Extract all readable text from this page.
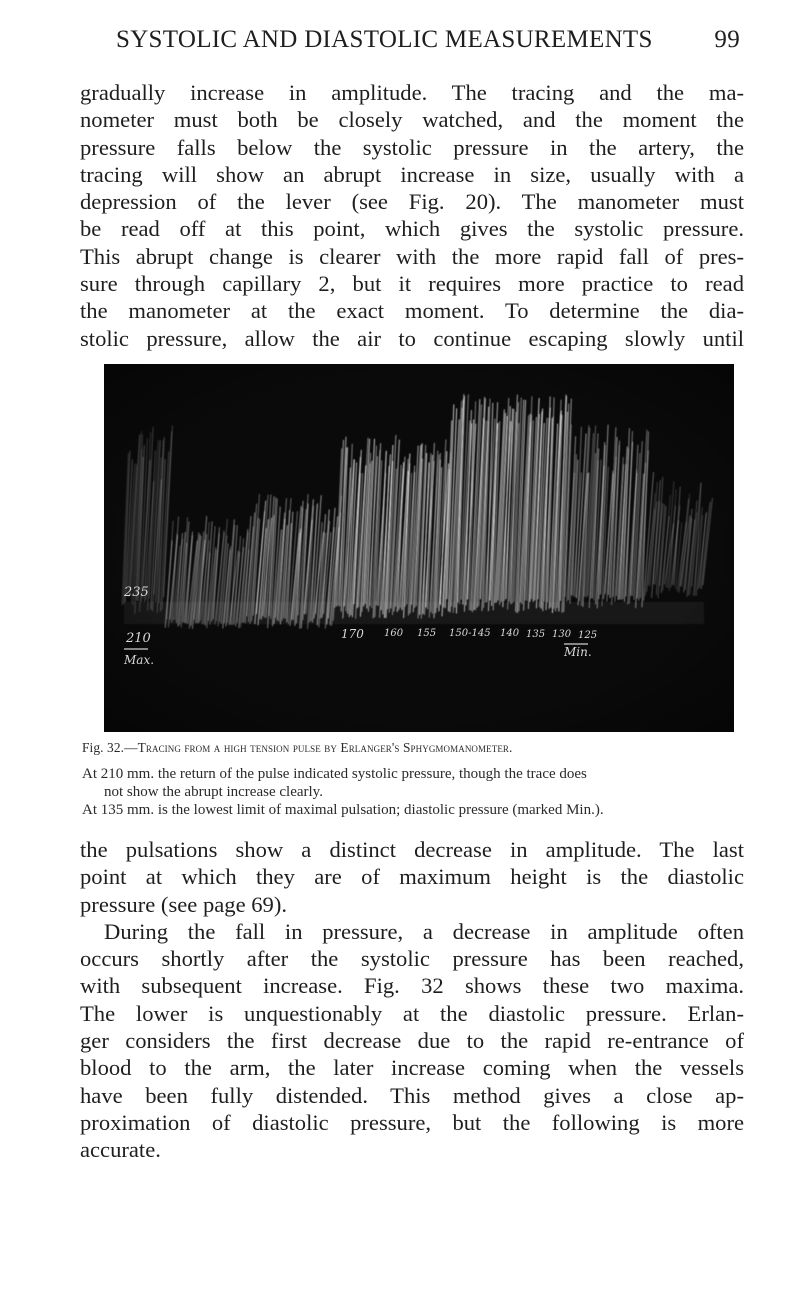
SYSTOLIC AND DIASTOLIC MEASUREMENTS 99

gradually increase in amplitude. The tracing and the ma-
nometer must both be closely watched, and the moment the
pressure falls below the systolic pressure in the artery, the
tracing will show an abrupt increase in size, usually with a
depression of the lever (see Fig. 20). The manometer must
be read off at this point, which gives the systolic pressure.
This abrupt change is clearer with the more rapid fall of pres-
sure through capillary 2, but it requires more practice to read
the manometer at the exact moment. To determine the dia-
stolic pressure, allow the air to continue escaping slowly until

235
210
Max.
170 160 155 150-145 140 135 130 125
Min.
Fig. 32.—Tracing from a high tension pulse by Erlanger's Sphygmomanometer.
At 210 mm. the return of the pulse indicated systolic pressure, though the trace does
not show the abrupt increase clearly.
At 135 mm. is the lowest limit of maximal pulsation; diastolic pressure (marked Min.).

the pulsations show a distinct decrease in amplitude. The last
point at which they are of maximum height is the diastolic
pressure (see page 69).
During the fall in pressure, a decrease in amplitude often
occurs shortly after the systolic pressure has been reached,
with subsequent increase. Fig. 32 shows these two maxima.
The lower is unquestionably at the diastolic pressure. Erlan-
ger considers the first decrease due to the rapid re-entrance of
blood to the arm, the later increase coming when the vessels
have been fully distended. This method gives a close ap-
proximation of diastolic pressure, but the following is more
accurate.
